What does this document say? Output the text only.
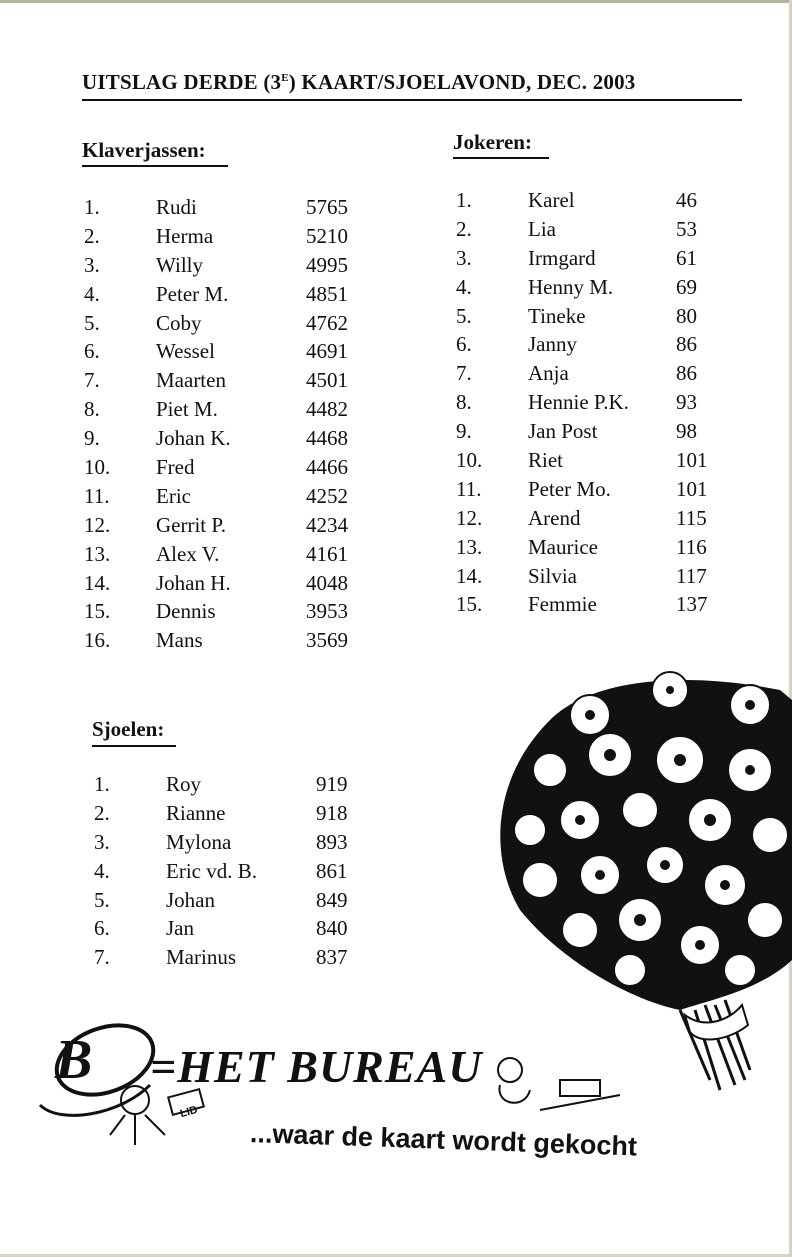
UITSLAG DERDE $(3^E)$ KAART/SJOELAVOND, DEC. 2003
Klaverjassen:
1.	Rudi	5765
2.	Herma	5210
3.	Willy	4995
4.	Peter M.	4851
5.	Coby	4762
6.	Wessel	4691
7.	Maarten	4501
8.	Piet M.	4482
9.	Johan K.	4468
10. Fred	4466
11. Eric	4252
12. Gerrit P.	4234
13. Alex V.	4161
14. Johan H.	4048
15. Dennis	3953
16. Mans	3569
Jokeren:
1.	Karel	46
2.	Lia	53
3.	Irmgard	61
4.	Henny M.	69
5.	Tineke	80
6.	Janny	86
7.	Anja	86
8.	Hennie P.K. 93
9.	Jan Post	98
10. Riet	101
11. Peter Mo.	101
12. Arend	115
13. Maurice	116
14. Silvia	117
15. Femmie	137
Sjoelen:
1.	Roy	919
2.	Rianne	918
3.	Mylona	893
4.	Eric vd. B.	861
5.	Johan	849
6.	Jan	840
7.	Marinus	837
B =HET BUREAU
LID
...waar de kaart wordt gekocht
